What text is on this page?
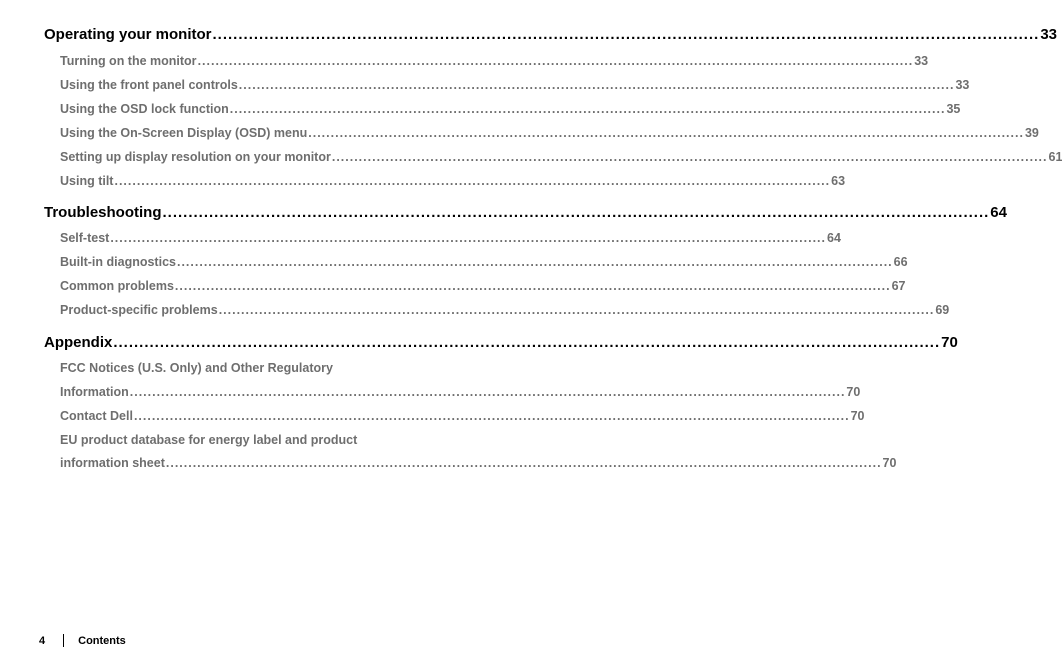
Operating your monitor ................................................................................................................................................................ 33
Turning on the monitor ................................................................................................................................................................ 33
Using the front panel controls ................................................................................................................................................................ 33
Using the OSD lock function ................................................................................................................................................................ 35
Using the On-Screen Display (OSD) menu ................................................................................................................................................................ 39
Setting up display resolution on your monitor ................................................................................................................................................................ 61
Using tilt ................................................................................................................................................................ 63
Troubleshooting ................................................................................................................................................................ 64
Self-test ................................................................................................................................................................ 64
Built-in diagnostics ................................................................................................................................................................ 66
Common problems ................................................................................................................................................................ 67
Product-specific problems ................................................................................................................................................................ 69
Appendix ................................................................................................................................................................ 70
FCC Notices (U.S. Only) and Other Regulatory
Information ................................................................................................................................................................ 70
Contact Dell ................................................................................................................................................................ 70
EU product database for energy label and product
information sheet ................................................................................................................................................................ 70
4	Contents
